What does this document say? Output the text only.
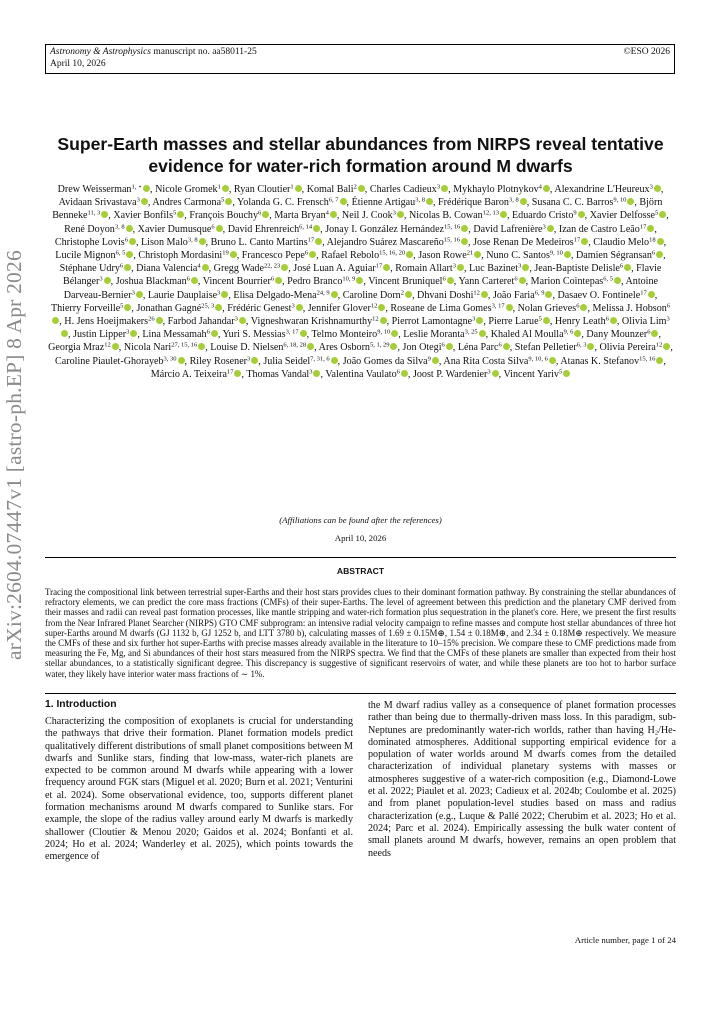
Astronomy & Astrophysics manuscript no. aa58011-25
April 10, 2026
©ESO 2026
arXiv:2604.07447v1 [astro-ph.EP] 8 Apr 2026
Super-Earth masses and stellar abundances from NIRPS reveal tentative evidence for water-rich formation around M dwarfs

Drew Weisserman$^{1, ⋆}$ , Nicole Gromek$^1$ , Ryan Cloutier$^1$ , Komal Bali$^2$ , Charles Cadieux$^3$ , Mykhaylo Plotnykov$^4$ , Alexandrine L'Heureux$^3$ , Avidaan Srivastava$^3$ , Andres Carmona$^5$ , Yolanda G. C. Frensch$^{6, 7}$ , Étienne Artigau$^{3, 8}$ , Frédérique Baron$^{3, 8}$ , Susana C. C. Barros$^{9, 10}$ , Björn Benneke$^{11, 3}$ , Xavier Bonfils$^5$ , François Bouchy$^6$ , Marta Bryan$^4$ , Neil J. Cook$^3$ , Nicolas B. Cowan$^{12, 13}$ , Eduardo Cristo$^9$ , Xavier Delfosse$^5$ , René Doyon$^{3, 8}$ , Xavier Dumusque$^6$ , David Ehrenreich$^{6, 14}$ , Jonay I. González Hernández$^{15, 16}$ , David Lafrenière$^3$ , Izan de Castro Leão$^{17}$ , Christophe Lovis$^6$ , Lison Malo$^{3, 8}$ , Bruno L. Canto Martins$^{17}$ , Alejandro Suárez Mascareño$^{15, 16}$ , Jose Renan De Medeiros$^{17}$ , Claudio Melo$^{18}$ , Lucile Mignon$^{6, 5}$ , Christoph Mordasini$^{19}$ , Francesco Pepe$^6$ , Rafael Rebolo$^{15, 16, 20}$ , Jason Rowe$^{21}$ , Nuno C. Santos$^{9, 10}$ , Damien Ségransan$^6$ , Stéphane Udry$^6$ , Diana Valencia$^4$ , Gregg Wade$^{22, 23}$ , José Luan A. Aguiar$^{17}$ , Romain Allart$^3$ , Luc Bazinet$^3$ , Jean-Baptiste Delisle$^6$ , Flavie Bélanger$^3$ , Joshua Blackman$^6$ , Vincent Bourrier$^6$ , Pedro Branco$^{10, 9}$ , Vincent Bruniquel$^6$ , Yann Carteret$^6$ , Marion Cointepas$^{6, 5}$ , Antoine Darveau-Bernier$^3$ , Laurie Dauplaise$^3$ , Elisa Delgado-Mena$^{24, 9}$ , Caroline Dorn$^2$ , Dhvani Doshi$^{12}$ , João Faria$^{6, 9}$ , Dasaev O. Fontinele$^{17}$ , Thierry Forveille$^5$ , Jonathan Gagné$^{25, 3}$ , Frédéric Genest$^3$ , Jennifer Glover$^{12}$ , Roseane de Lima Gomes$^{3, 17}$ , Nolan Grieves$^6$ , Melissa J. Hobson$^6$, H. Jens Hoeijmakers$^{26}$ , Farbod Jahandar$^3$ , Vigneshwaran Krishnamurthy$^{12}$ , Pierrot Lamontagne$^3$ , Pierre Larue$^5$ , Henry Leath$^6$ , Olivia Lim$^3$, Justin Lipper$^3$ , Lina Messamah$^6$ , Yuri S. Messias$^{3, 17}$ , Telmo Monteiro$^{9, 10}$ , Leslie Moranta$^{3, 25}$ , Khaled Al Moulla$^{9, 6}$ , Dany Mounzer$^6$ , Georgia Mraz$^{12}$ , Nicola Nari$^{27, 15, 16}$ , Louise D. Nielsen$^{6, 18, 28}$ , Ares Osborn$^{5, 1, 29}$ , Jon Otegi$^6$ , Léna Parc$^6$ , Stefan Pelletier$^{6, 3}$ , Olivia Pereira$^{12}$ , Caroline Piaulet-Ghorayeb$^{3, 30}$ , Riley Rosener$^3$ , Julia Seidel$^{7, 31, 6}$ , João Gomes da Silva$^9$ , Ana Rita Costa Silva$^{9, 10, 6}$ , Atanas K. Stefanov$^{15, 16}$ , Márcio A. Teixeira$^{17}$ , Thomas Vandal$^3$ , Valentina Vaulato$^6$ , Joost P. Wardenier$^3$ , Vincent Yariv$^5$

(Affiliations can be found after the references)

April 10, 2026

ABSTRACT

Tracing the compositional link between terrestrial super-Earths and their host stars provides clues to their dominant formation pathway. By constraining the stellar abundances of refractory elements, we can predict the core mass fractions (CMFs) of their super-Earths. The level of agreement between this prediction and the planetary CMF derived from their masses and radii can reveal past formation processes, like mantle stripping and water-rich formation plus sequestration in the planet's core. Here, we present the first results from the Near Infrared Planet Searcher (NIRPS) GTO CMF subprogram: an intensive radial velocity campaign to refine masses and compute host stellar abundances of three hot super-Earths around M dwarfs (GJ 1132 b, GJ 1252 b, and LTT 3780 b), calculating masses of 1.69 ± 0.15M⊕, 1.54 ± 0.18M⊕, and 2.34 ± 0.18M⊕ respectively. We measure the CMFs of these and six further hot super-Earths with precise masses already available in the literature to 10–15% precision. We compare these to CMF predictions made from measuring the Fe, Mg, and Si abundances of their host stars measured from the NIRPS spectra. We find that the CMFs of these planets are smaller than expected from their host stellar abundances, to a statistically significant degree. This discrepancy is suggestive of significant reservoirs of water, and while these planets are too hot to harbor surface water, they likely have interior water mass fractions of ∼ 1%.

1. Introduction

Characterizing the composition of exoplanets is crucial for understanding the pathways that drive their formation. Planet formation models predict qualitatively different distributions of small planet compositions between M dwarfs and Sunlike stars, finding that low-mass, water-rich planets are expected to be common around M dwarfs while appearing with a lower frequency around FGK stars (Miguel et al. 2020; Burn et al. 2021; Venturini et al. 2024). Some observational evidence, too, supports different planet formation mechanisms around M dwarfs compared to Sunlike stars. For example, the slope of the radius valley around early M dwarfs is markedly shallower (Cloutier & Menou 2020; Gaidos et al. 2024; Bonfanti et al. 2024; Ho et al. 2024; Wanderley et al. 2025), which points towards the emergence of

the M dwarf radius valley as a consequence of planet formation processes rather than being due to thermally-driven mass loss. In this paradigm, sub-Neptunes are predominantly water-rich worlds, rather than having $H_2/He$-dominated atmospheres. Additional supporting empirical evidence for a population of water worlds around M dwarfs comes from the detailed characterization of individual planetary systems with masses or atmospheres suggestive of a water-rich composition (e.g., Diamond-Lowe et al. 2022; Piaulet et al. 2023; Cadieux et al. 2024b; Coulombe et al. 2025) and from planet population-level studies based on mass and radius characterization (e.g., Luque & Pallé 2022; Cherubim et al. 2023; Ho et al. 2024; Parc et al. 2024). Empirically assessing the bulk water content of small planets around M dwarfs, however, remains an open problem that needs

Article number, page 1 of 24
